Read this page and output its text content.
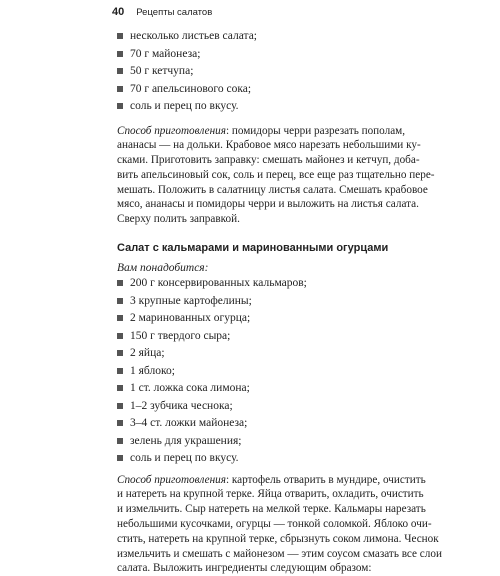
40 Рецепты салатов
несколько листьев салата;
70 г майонеза;
50 г кетчупа;
70 г апельсинового сока;
соль и перец по вкусу.

Способ приготовления: помидоры черри разрезать пополам,
ананасы — на дольки. Крабовое мясо нарезать небольшими ку-
сками. Приготовить заправку: смешать майонез и кетчуп, доба-
вить апельсиновый сок, соль и перец, все еще раз тщательно пере-
мешать. Положить в салатницу листья салата. Смешать крабовое
мясо, ананасы и помидоры черри и выложить на листья салата.
Сверху полить заправкой.

Салат с кальмарами и маринованными огурцами

Вам понадобится:

200 г консервированных кальмаров;
3 крупные картофелины;
2 маринованных огурца;
150 г твердого сыра;
2 яйца;
1 яблоко;
1 ст. ложка сока лимона;
1–2 зубчика чеснока;
3–4 ст. ложки майонеза;
зелень для украшения;
соль и перец по вкусу.

Способ приготовления: картофель отварить в мундире, очистить
и натереть на крупной терке. Яйца отварить, охладить, очистить
и измельчить. Сыр натереть на мелкой терке. Кальмары нарезать
небольшими кусочками, огурцы — тонкой соломкой. Яблоко очи-
стить, натереть на крупной терке, сбрызнуть соком лимона. Чеснок
измельчить и смешать с майонезом — этим соусом смазать все слои
салата. Выложить ингредиенты следующим образом:
